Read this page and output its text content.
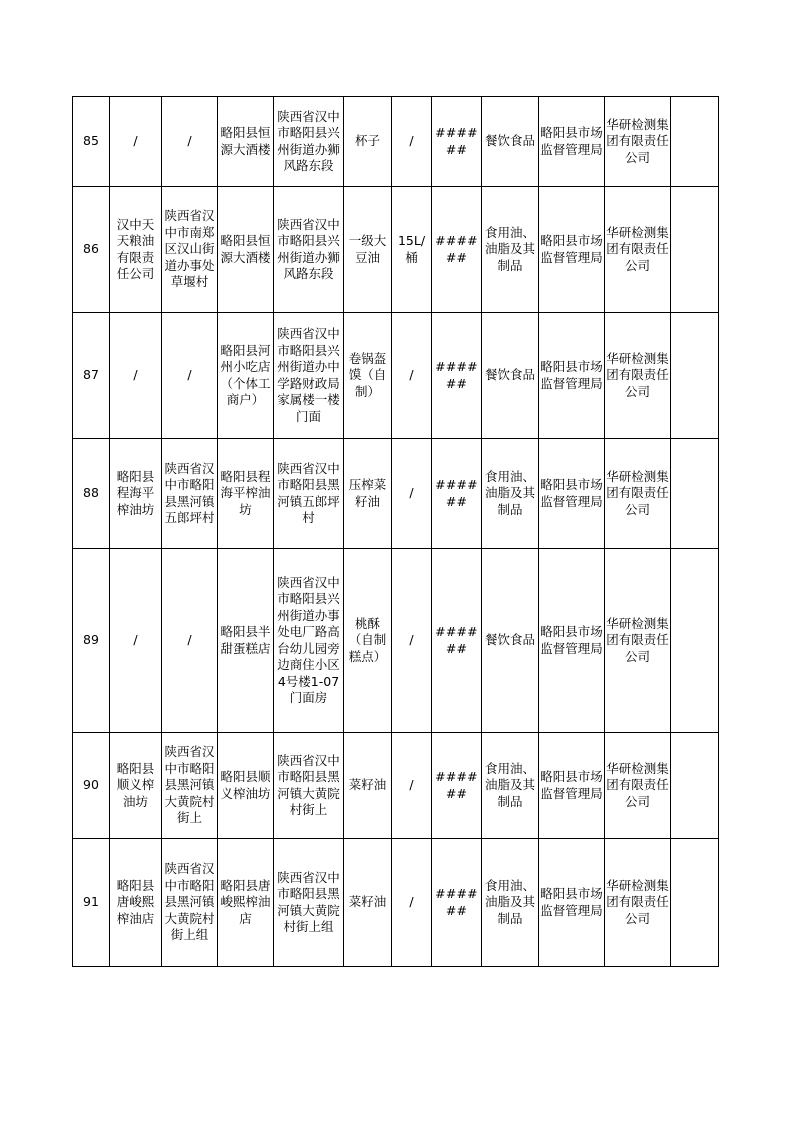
85	/	/	略阳县恒源大酒楼	陕西省汉中市略阳县兴州街道办狮风路东段	杯子	/	######	餐饮食品	略阳县市场监督管理局	华研检测集团有限责任公司	
86	汉中天天粮油有限责任公司	陕西省汉中市南郑区汉山街道办事处草堰村	略阳县恒源大酒楼	陕西省汉中市略阳县兴州街道办狮风路东段	一级大豆油	15L/桶	######	食用油、油脂及其制品	略阳县市场监督管理局	华研检测集团有限责任公司	
87	/	/	略阳县河州小吃店（个体工商户）	陕西省汉中市略阳县兴州街道办中学路财政局家属楼一楼门面	卷锅盔馍（自制）	/	######	餐饮食品	略阳县市场监督管理局	华研检测集团有限责任公司	
88	略阳县程海平榨油坊	陕西省汉中市略阳县黑河镇五郎坪村	略阳县程海平榨油坊	陕西省汉中市略阳县黑河镇五郎坪村	压榨菜籽油	/	######	食用油、油脂及其制品	略阳县市场监督管理局	华研检测集团有限责任公司	
89	/	/	略阳县半甜蛋糕店	陕西省汉中市略阳县兴州街道办事处电厂路高台幼儿园旁边商住小区4号楼1-07门面房	桃酥（自制糕点）	/	######	餐饮食品	略阳县市场监督管理局	华研检测集团有限责任公司	
90	略阳县顺义榨油坊	陕西省汉中市略阳县黑河镇大黄院村街上	略阳县顺义榨油坊	陕西省汉中市略阳县黑河镇大黄院村街上	菜籽油	/	######	食用油、油脂及其制品	略阳县市场监督管理局	华研检测集团有限责任公司	
91	略阳县唐峻熙榨油店	陕西省汉中市略阳县黑河镇大黄院村街上组	略阳县唐峻熙榨油店	陕西省汉中市略阳县黑河镇大黄院村街上组	菜籽油	/	######	食用油、油脂及其制品	略阳县市场监督管理局	华研检测集团有限责任公司	
